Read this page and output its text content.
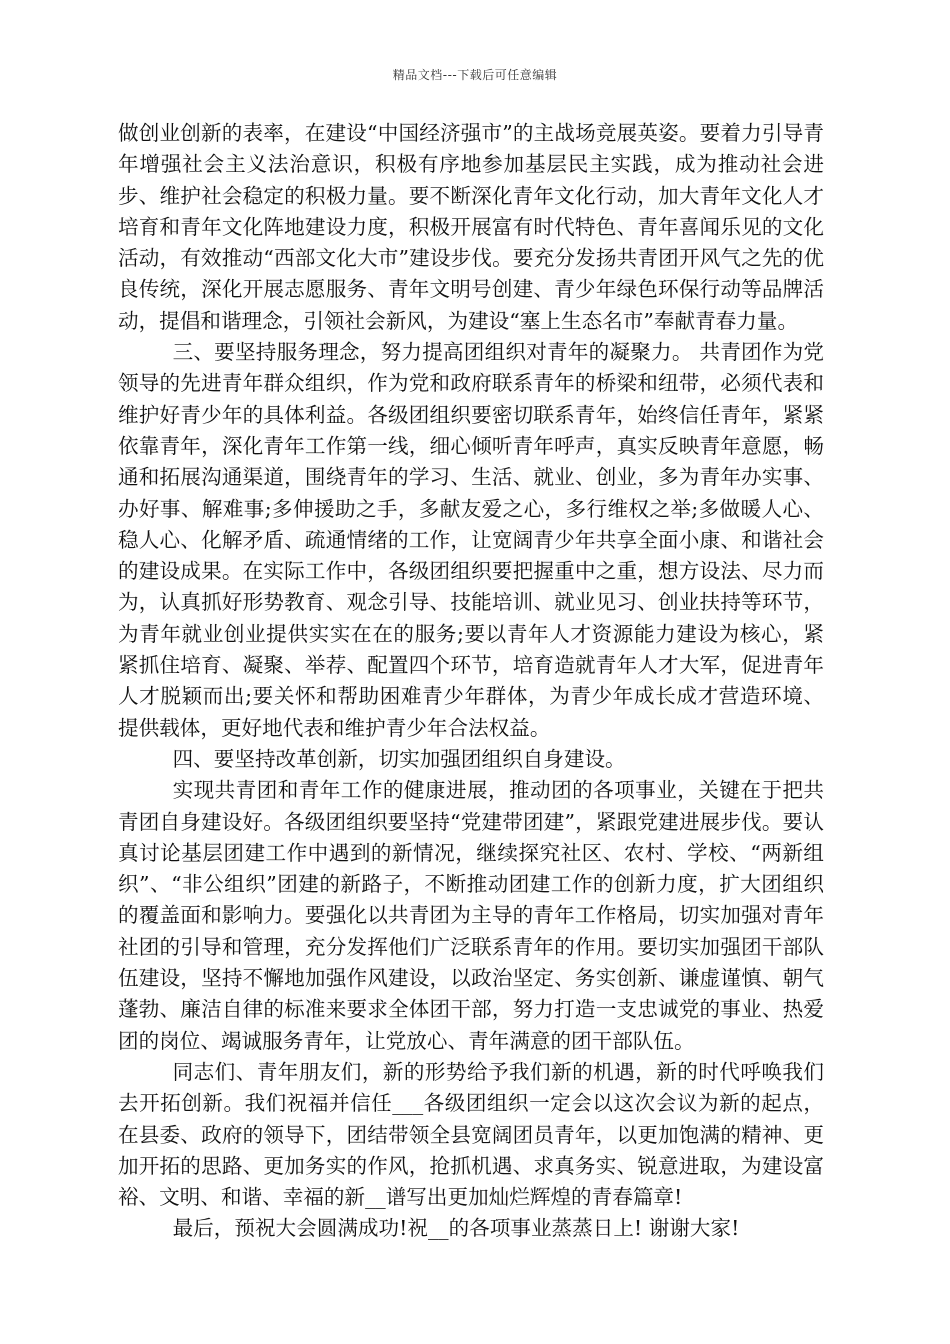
精品文档---下载后可任意编辑

做创业创新的表率，在建设“中国经济强市”的主战场竞展英姿。要着力引导青年增强社会主义法治意识，积极有序地参加基层民主实践，成为推动社会进步、维护社会稳定的积极力量。要不断深化青年文化行动，加大青年文化人才培育和青年文化阵地建设力度，积极开展富有时代特色、青年喜闻乐见的文化活动，有效推动“西部文化大市”建设步伐。要充分发扬共青团开风气之先的优良传统，深化开展志愿服务、青年文明号创建、青少年绿色环保行动等品牌活动，提倡和谐理念，引领社会新风，为建设“塞上生态名市”奉献青春力量。

三、要坚持服务理念，努力提高团组织对青年的凝聚力。 共青团作为党领导的先进青年群众组织，作为党和政府联系青年的桥梁和纽带，必须代表和维护好青少年的具体利益。各级团组织要密切联系青年，始终信任青年，紧紧依靠青年，深化青年工作第一线，细心倾听青年呼声，真实反映青年意愿，畅通和拓展沟通渠道，围绕青年的学习、生活、就业、创业，多为青年办实事、办好事、解难事;多伸援助之手，多献友爱之心，多行维权之举;多做暖人心、稳人心、化解矛盾、疏通情绪的工作，让宽阔青少年共享全面小康、和谐社会的建设成果。在实际工作中，各级团组织要把握重中之重，想方设法、尽力而为，认真抓好形势教育、观念引导、技能培训、就业见习、创业扶持等环节，为青年就业创业提供实实在在的服务;要以青年人才资源能力建设为核心，紧紧抓住培育、凝聚、举荐、配置四个环节，培育造就青年人才大军，促进青年人才脱颖而出;要关怀和帮助困难青少年群体，为青少年成长成才营造环境、提供载体，更好地代表和维护青少年合法权益。

四、要坚持改革创新，切实加强团组织自身建设。

实现共青团和青年工作的健康进展，推动团的各项事业，关键在于把共青团自身建设好。各级团组织要坚持“党建带团建”，紧跟党建进展步伐。要认真讨论基层团建工作中遇到的新情况，继续探究社区、农村、学校、“两新组织”、“非公组织”团建的新路子，不断推动团建工作的创新力度，扩大团组织的覆盖面和影响力。要强化以共青团为主导的青年工作格局，切实加强对青年社团的引导和管理，充分发挥他们广泛联系青年的作用。要切实加强团干部队伍建设，坚持不懈地加强作风建设，以政治坚定、务实创新、谦虚谨慎、朝气蓬勃、廉洁自律的标准来要求全体团干部，努力打造一支忠诚党的事业、热爱团的岗位、竭诚服务青年，让党放心、青年满意的团干部队伍。

同志们、青年朋友们，新的形势给予我们新的机遇，新的时代呼唤我们去开拓创新。我们祝福并信任___各级团组织一定会以这次会议为新的起点，在县委、政府的领导下，团结带领全县宽阔团员青年，以更加饱满的精神、更加开拓的思路、更加务实的作风，抢抓机遇、求真务实、锐意进取，为建设富裕、文明、和谐、幸福的新__谱写出更加灿烂辉煌的青春篇章!

最后，预祝大会圆满成功!祝__的各项事业蒸蒸日上! 谢谢大家!
